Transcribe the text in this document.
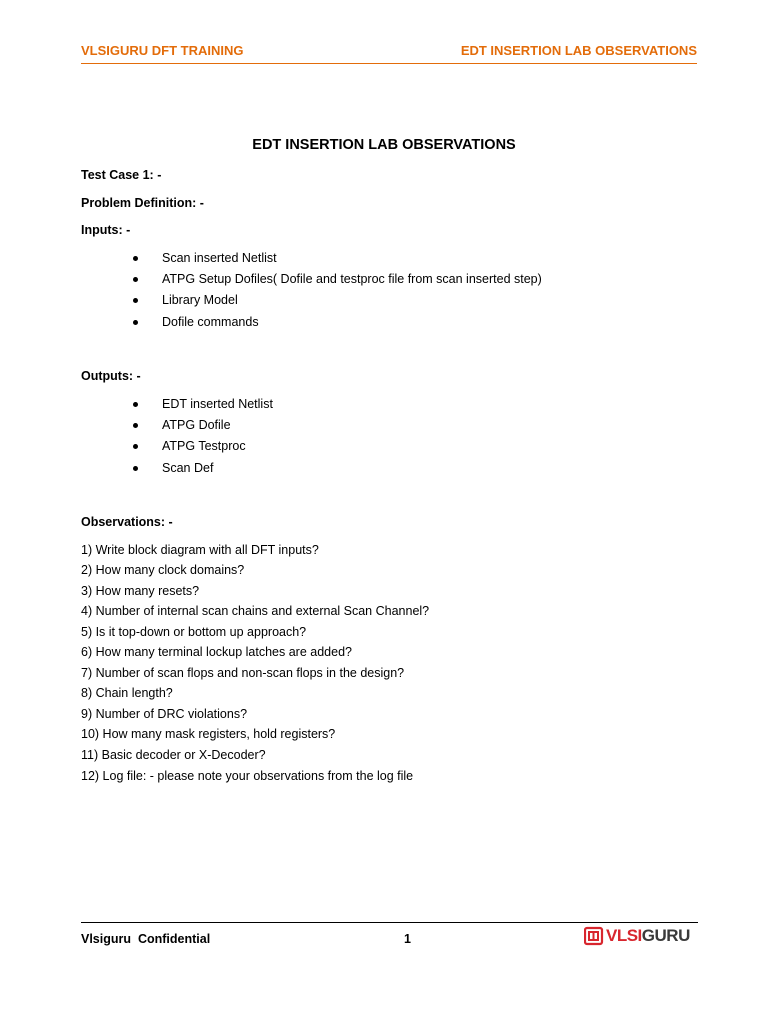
VLSIGURU DFT TRAINING	EDT INSERTION LAB OBSERVATIONS
EDT INSERTION LAB OBSERVATIONS
Test Case 1: -
Problem Definition: -
Inputs: -
Scan inserted Netlist
ATPG Setup Dofiles( Dofile and testproc file from scan inserted step)
Library Model
Dofile commands
Outputs: -
EDT inserted Netlist
ATPG Dofile
ATPG Testproc
Scan Def
Observations: -
1) Write block diagram with all DFT inputs?
2) How many clock domains?
3) How many resets?
4) Number of internal scan chains and external Scan Channel?
5) Is it top-down or bottom up approach?
6) How many terminal lockup latches are added?
7) Number of scan flops and non-scan flops in the design?
8) Chain length?
9) Number of DRC violations?
10) How many mask registers, hold registers?
11) Basic decoder or X-Decoder?
12) Log file: - please note your observations from the log file
Vlsiguru  Confidential	1	VLSIGURU
